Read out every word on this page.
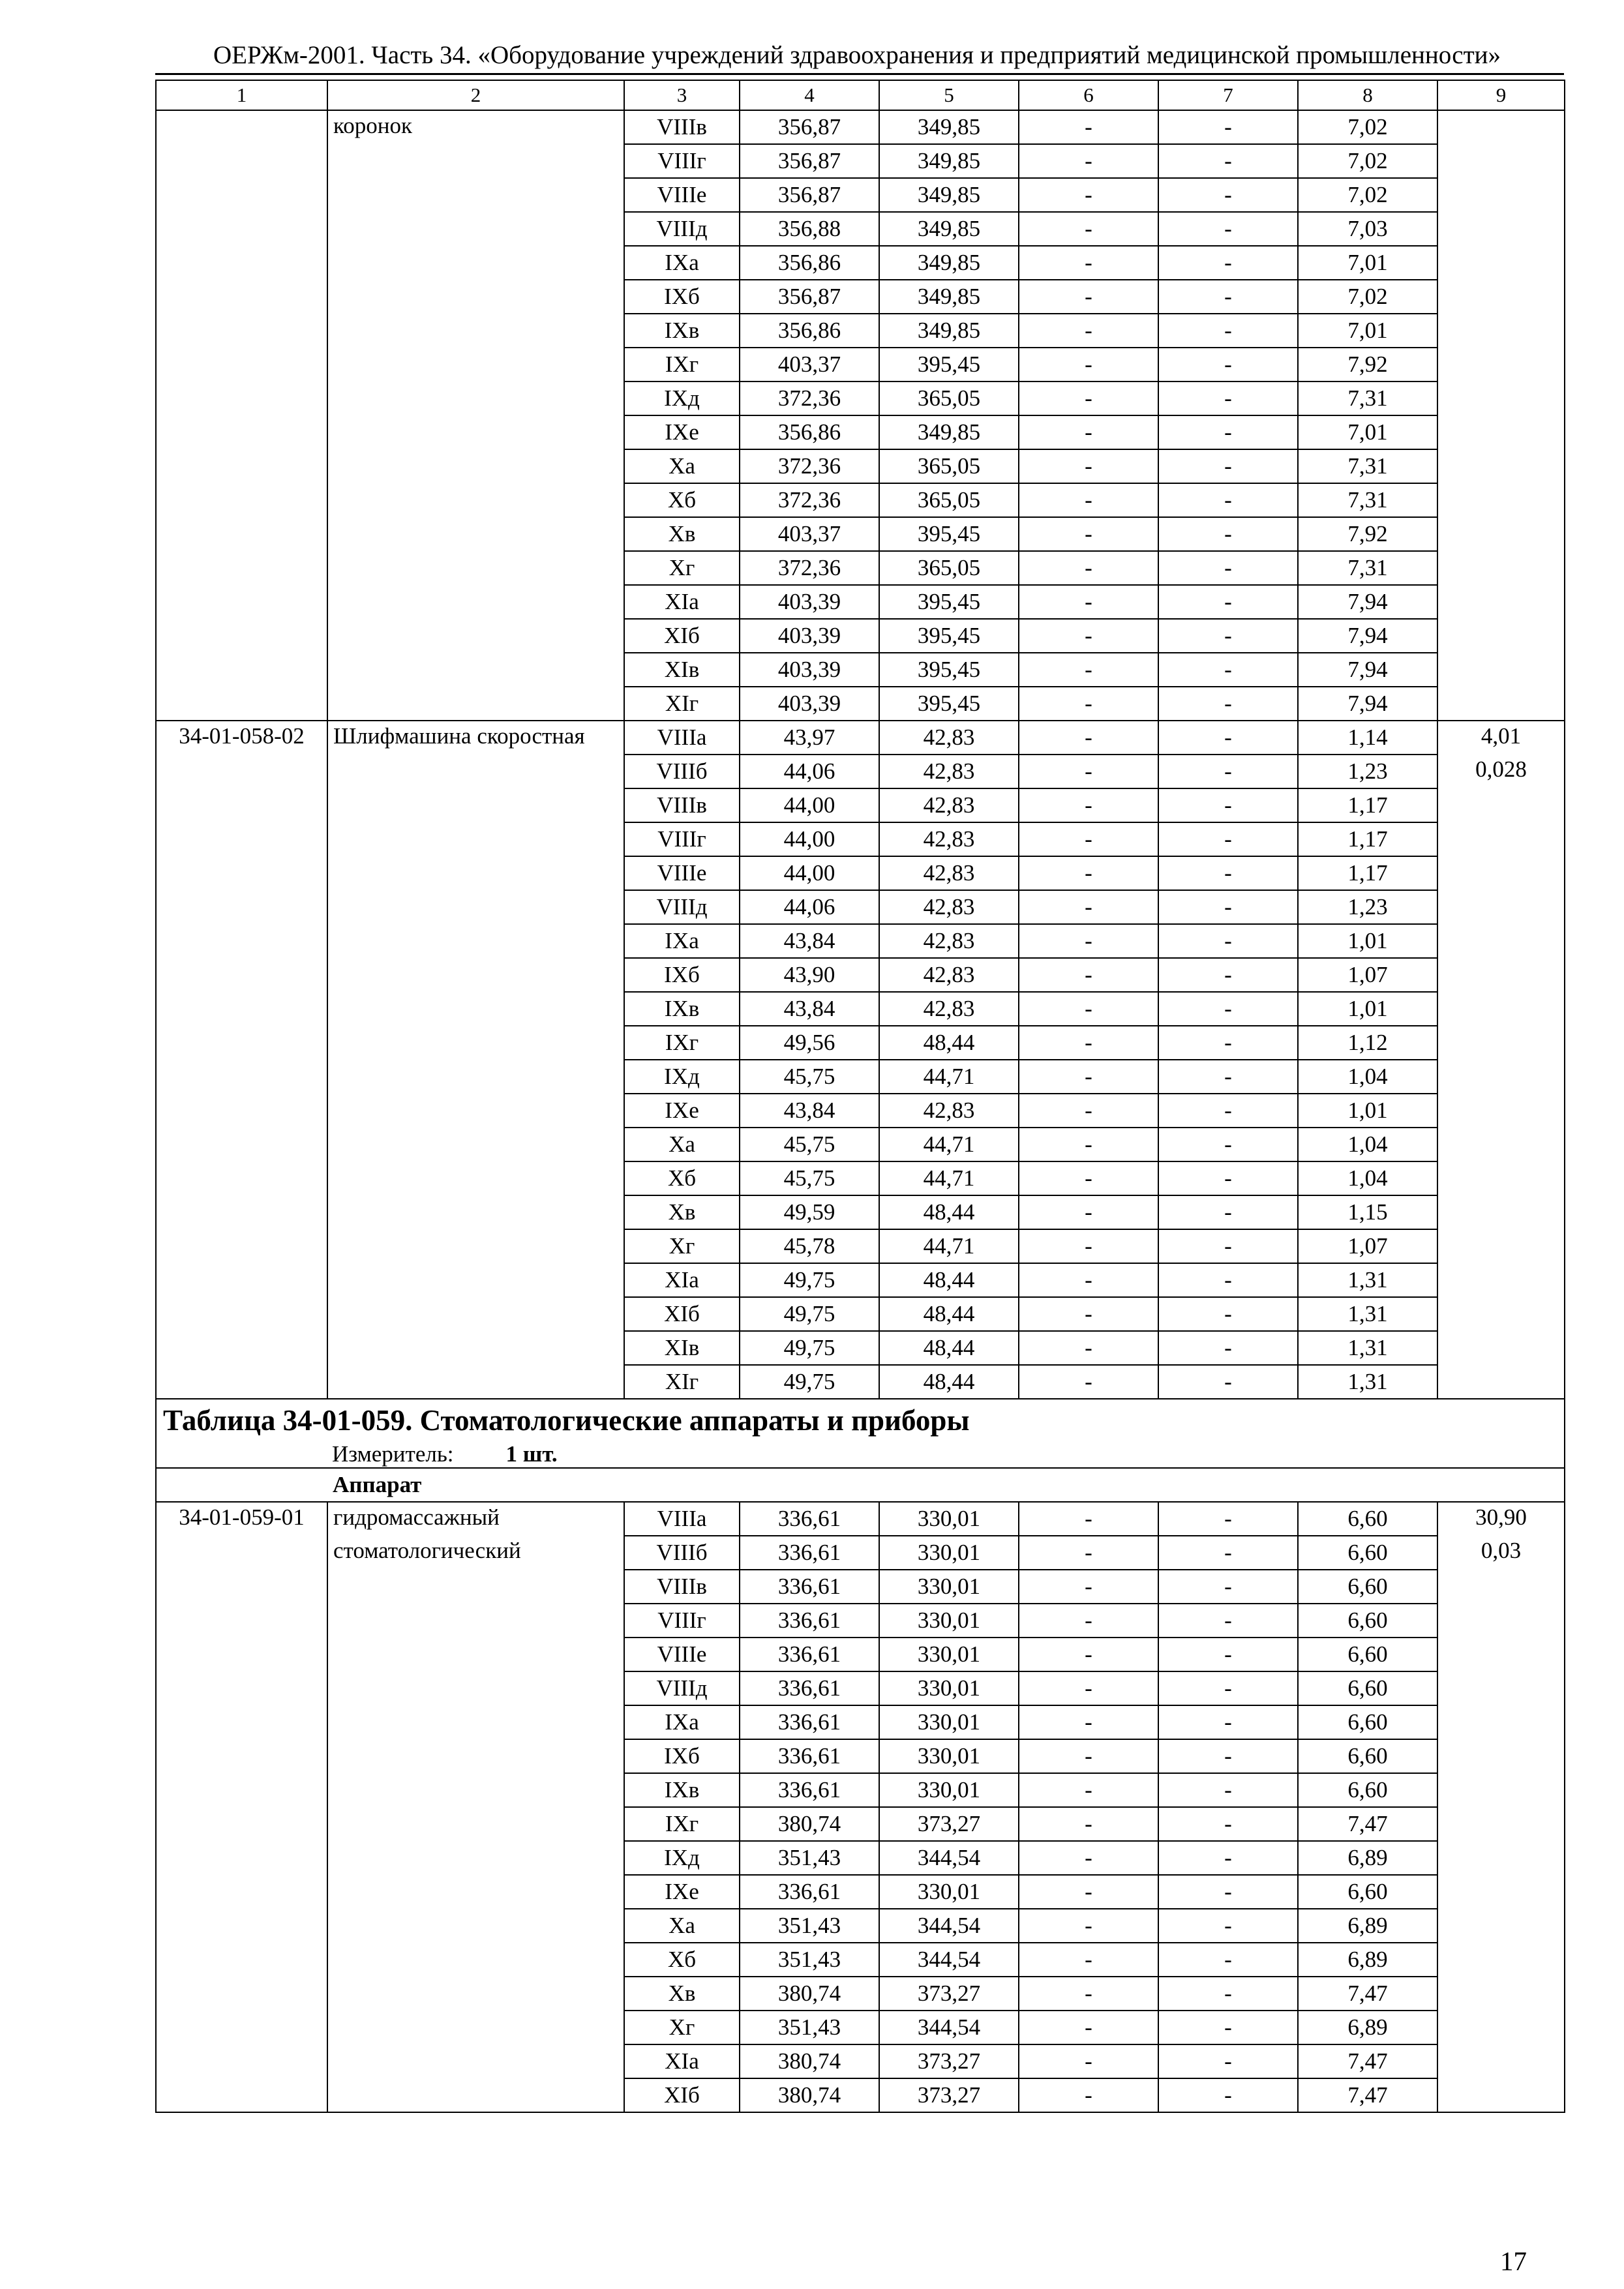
ОЕРЖм-2001. Часть 34. «Оборудование учреждений здравоохранения и предприятий медицинской промышленности»
1	2	3	4	5	6	7	8	9
	коронок	VIIIв	356,87	349,85	-	-	7,02	
		VIIIг	356,87	349,85	-	-	7,02	
		VIIIе	356,87	349,85	-	-	7,02	
		VIIIд	356,88	349,85	-	-	7,03	
		IXа	356,86	349,85	-	-	7,01	
		IXб	356,87	349,85	-	-	7,02	
		IXв	356,86	349,85	-	-	7,01	
		IXг	403,37	395,45	-	-	7,92	
		IXд	372,36	365,05	-	-	7,31	
		IXе	356,86	349,85	-	-	7,01	
		Xа	372,36	365,05	-	-	7,31	
		Xб	372,36	365,05	-	-	7,31	
		Xв	403,37	395,45	-	-	7,92	
		Xг	372,36	365,05	-	-	7,31	
		XIа	403,39	395,45	-	-	7,94	
		XIб	403,39	395,45	-	-	7,94	
		XIв	403,39	395,45	-	-	7,94	
		XIг	403,39	395,45	-	-	7,94	
34-01-058-02	Шлифмашина скоростная	VIIIа	43,97	42,83	-	-	1,14	4,01
		VIIIб	44,06	42,83	-	-	1,23	0,028
		VIIIв	44,00	42,83	-	-	1,17	
		VIIIг	44,00	42,83	-	-	1,17	
		VIIIе	44,00	42,83	-	-	1,17	
		VIIIд	44,06	42,83	-	-	1,23	
		IXа	43,84	42,83	-	-	1,01	
		IXб	43,90	42,83	-	-	1,07	
		IXв	43,84	42,83	-	-	1,01	
		IXг	49,56	48,44	-	-	1,12	
		IXд	45,75	44,71	-	-	1,04	
		IXе	43,84	42,83	-	-	1,01	
		Xа	45,75	44,71	-	-	1,04	
		Xб	45,75	44,71	-	-	1,04	
		Xв	49,59	48,44	-	-	1,15	
		Xг	45,78	44,71	-	-	1,07	
		XIа	49,75	48,44	-	-	1,31	
		XIб	49,75	48,44	-	-	1,31	
		XIв	49,75	48,44	-	-	1,31	
		XIг	49,75	48,44	-	-	1,31	
Таблица 34-01-059. Стоматологические аппараты и приборы								
Измеритель: 1 шт.								
	Аппарат							
34-01-059-01	гидромассажный	VIIIа	336,61	330,01	-	-	6,60	30,90
	стоматологический	VIIIб	336,61	330,01	-	-	6,60	0,03
		VIIIв	336,61	330,01	-	-	6,60	
		VIIIг	336,61	330,01	-	-	6,60	
		VIIIе	336,61	330,01	-	-	6,60	
		VIIIд	336,61	330,01	-	-	6,60	
		IXа	336,61	330,01	-	-	6,60	
		IXб	336,61	330,01	-	-	6,60	
		IXв	336,61	330,01	-	-	6,60	
		IXг	380,74	373,27	-	-	7,47	
		IXд	351,43	344,54	-	-	6,89	
		IXе	336,61	330,01	-	-	6,60	
		Xа	351,43	344,54	-	-	6,89	
		Xб	351,43	344,54	-	-	6,89	
		Xв	380,74	373,27	-	-	7,47	
		Xг	351,43	344,54	-	-	6,89	
		XIа	380,74	373,27	-	-	7,47	
		XIб	380,74	373,27	-	-	7,47	
17
